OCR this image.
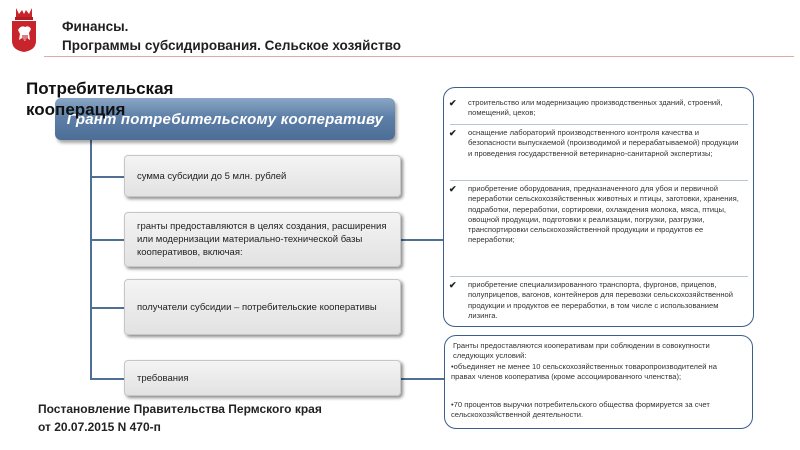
Финансы.
Программы субсидирования. Сельское хозяйство
Потребительская кооперация
Грант потребительскому кооперативу
сумма субсидии до 5 млн. рублей
гранты предоставляются в целях создания, расширения или модернизации материально-технической базы кооперативов, включая:
получатели субсидии – потребительские кооперативы
требования
✔ строительство или модернизацию производственных зданий, строений, помещений, цехов;
✔ оснащение лабораторий производственного контроля качества и безопасности выпускаемой (производимой и перерабатываемой) продукции и проведения государственной ветеринарно-санитарной экспертизы;
✔ приобретение оборудования, предназначенного для убоя и первичной переработки сельскохозяйственных животных и птицы, заготовки, хранения, подработки, переработки, сортировки, охлаждения молока, мяса, птицы, овощной продукции, подготовки к реализации, погрузки, разгрузки, транспортировки сельскохозяйственной продукции и продуктов ее переработки;
✔ приобретение специализированного транспорта, фургонов, прицепов, полуприцепов, вагонов, контейнеров для перевозки сельскохозяйственной продукции и продуктов ее переработки, в том числе с использованием лизинга.
Гранты предоставляются кооперативам при соблюдении в совокупности следующих условий:
•объединяет не менее 10 сельскохозяйственных товаропроизводителей на правах членов кооператива (кроме ассоциированного членства);
•70 процентов выручки потребительского общества формируется за счет сельскохозяйственной деятельности.
Постановление Правительства Пермского края
от 20.07.2015 N 470-п
